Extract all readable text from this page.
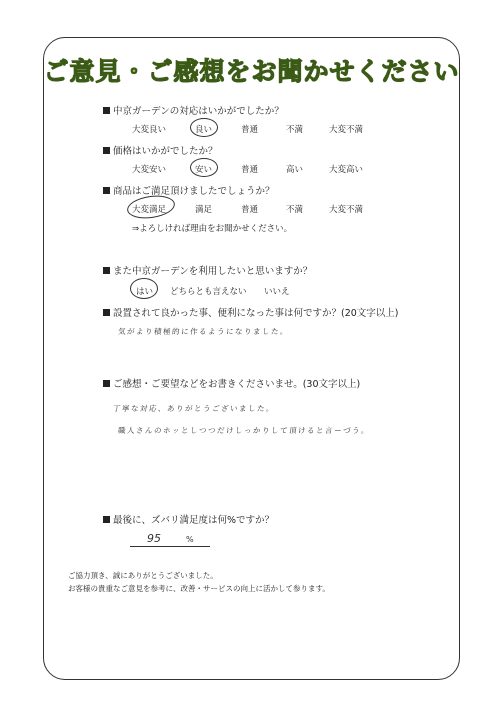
ご意見・ご感想をお聞かせください
中京ガーデンの対応はいかがでしたか？
大変良い	良い	普通	不満	大変不満
価格はいかがでしたか？
大変安い	安い	普通	高い	大変高い
商品はご満足頂けましたでしょうか？
大変満足	満足	普通	不満	大変不満
⇒よろしければ理由をお聞かせください。
また中京ガーデンを利用したいと思いますか？
はい どちらとも言えない いいえ
設置されて良かった事、便利になった事は何ですか？(20文字以上)
気がより積極的に作るようになりました。
ご感想・ご要望などをお書きくださいませ。(30文字以上)
丁寧な対応、ありがとうございました。
職人さんのホッとしつつだけしっかりして頂けると言ーづう。
最後に、ズバリ満足度は何%ですか？
95	%
ご協力頂き、誠にありがとうございました。
お客様の貴重なご意見を参考に、改善・サービスの向上に活かして参ります。
